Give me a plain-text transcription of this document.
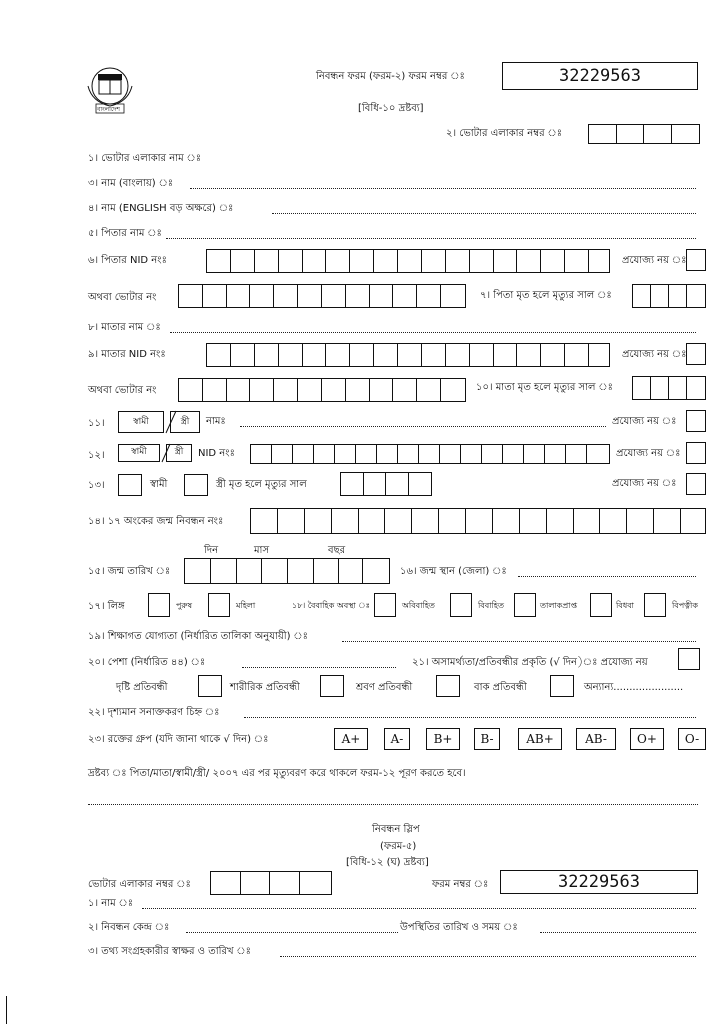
বাংলাদেশ
নিবন্ধন ফরম (ফরম-২) ফরম নম্বর ঃ	32229563
[বিধি-১০ দ্রষ্টব্য]
২। ভোটার এলাকার নম্বর ঃ
১। ভোটার এলাকার নাম ঃ
৩। নাম (বাংলায়) ঃ
৪। নাম (ENGLISH বড় অক্ষরে) ঃ
৫। পিতার নাম ঃ
৬। পিতার NID নংঃ	প্রযোজ্য নয় ঃ
অথবা ভোটার নং	৭। পিতা মৃত হলে মৃত্যুর সাল ঃ
৮। মাতার নাম ঃ
৯। মাতার NID নংঃ	প্রযোজ্য নয় ঃ
অথবা ভোটার নং	১০। মাতা মৃত হলে মৃত্যুর সাল ঃ
১১।	স্বামী	স্ত্রী	নামঃ	প্রযোজ্য নয় ঃ
১২।	স্বামী	স্ত্রী	NID নংঃ	প্রযোজ্য নয় ঃ
১৩।	স্বামী	স্ত্রী মৃত হলে মৃত্যুর সাল	প্রযোজ্য নয় ঃ
১৪। ১৭ অংকের জন্ম নিবন্ধন নংঃ
দিন	মাস	বছর
১৫। জন্ম তারিখ ঃ	১৬। জন্ম স্থান (জেলা) ঃ
১৭। লিঙ্গ	পুরুষ	মহিলা	১৮। বৈবাহিক অবস্থা ঃ	অবিবাহিত	বিবাহিত	তালাকপ্রাপ্ত	বিধবা	বিপত্নীক
১৯। শিক্ষাগত যোগ্যতা (নির্ধারিত তালিকা অনুযায়ী) ঃ
২০। পেশা (নির্ধারিত ৪৪) ঃ	২১। অসামর্থ্যতা/প্রতিবন্ধীর প্রকৃতি (√ দিন)ঃ প্রযোজ্য নয়
দৃষ্টি প্রতিবন্ধী	শারীরিক প্রতিবন্ধী	শ্রবণ প্রতিবন্ধী	বাক প্রতিবন্ধী	অন্যান্য......................
২২। দৃশ্যমান সনাক্তকরণ চিহ্ন ঃ
২৩। রক্তের গ্রুপ (যদি জানা থাকে √ দিন) ঃ	A+	A-	B+	B-	AB+	AB-	O+	O-
দ্রষ্টব্য ঃ পিতা/মাতা/স্বামী/স্ত্রী/ ২০০৭ এর পর মৃত্যুবরণ করে থাকলে ফরম-১২ পূরণ করতে হবে।
নিবন্ধন স্লিপ
(ফরম-৫)
[বিধি-১২ (ঘ) দ্রষ্টব্য]
ভোটার এলাকার নম্বর ঃ	ফরম নম্বর ঃ	32229563
১। নাম ঃ
২। নিবন্ধন কেন্দ্র ঃ	উপস্থিতির তারিখ ও সময় ঃ
৩। তথ্য সংগ্রহকারীর স্বাক্ষর ও তারিখ ঃ
